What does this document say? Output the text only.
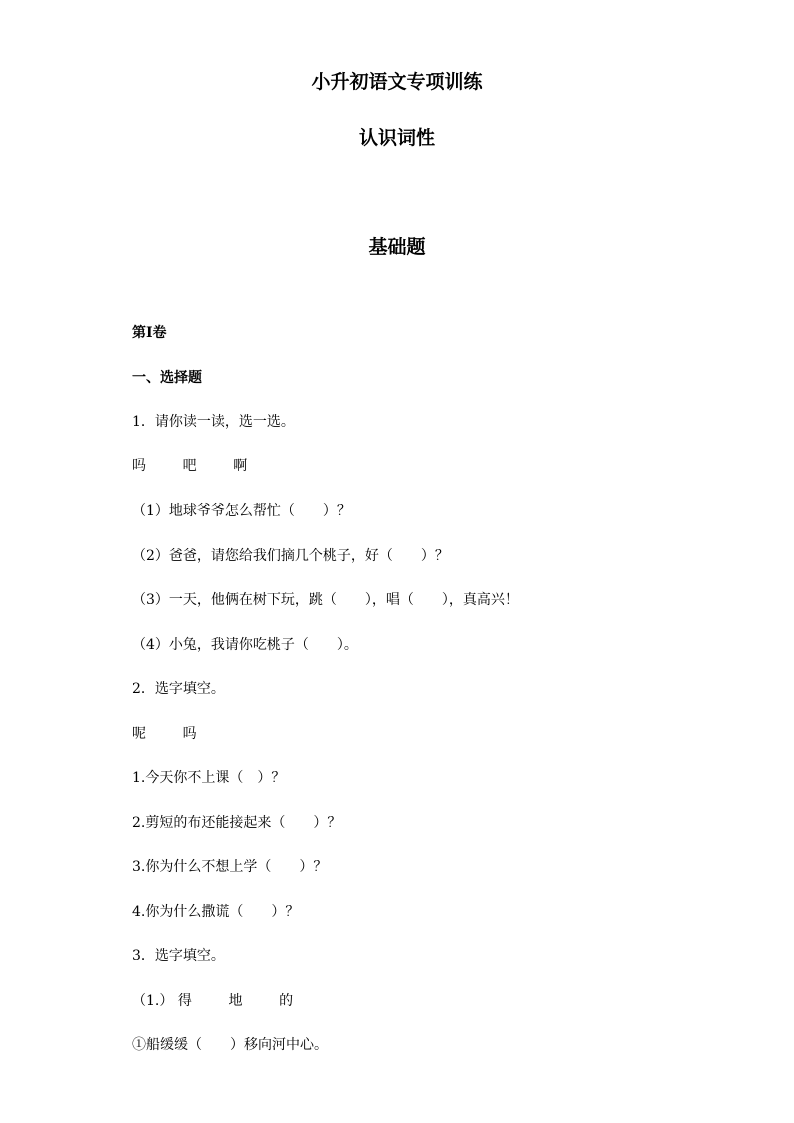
小升初语文专项训练
认识词性
基础题
第I卷
一、选择题
1．请你读一读，选一选。
吗	吧	啊
（1）地球爷爷怎么帮忙（　　）？
（2）爸爸，请您给我们摘几个桃子，好（　　）？
（3）一天，他俩在树下玩，跳（　　），唱（　　），真高兴！
（4）小兔，我请你吃桃子（　　）。
2．选字填空。
呢	吗
1.今天你不上课（　）？
2.剪短的布还能接起来（　　）？
3.你为什么不想上学（　　）？
4.你为什么撒谎（　　）？
3．选字填空。
（1.） 得	地	的
①船缓缓（　　）移向河中心。
